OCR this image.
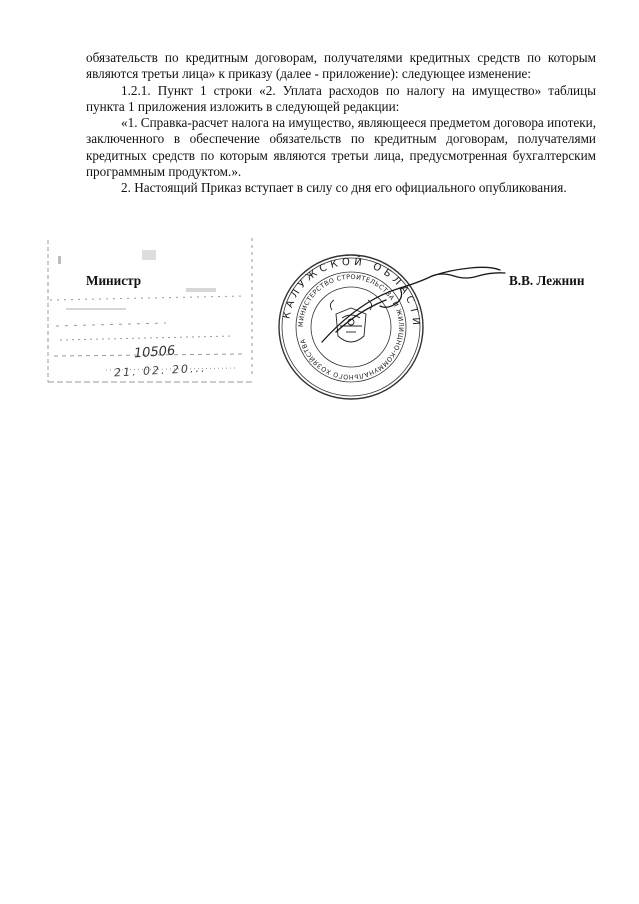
обязательств по кредитным договорам, получателями кредитных средств по которым являются третьи лица» к приказу (далее - приложение): следующее изменение:

1.2.1. Пункт 1 строки «2. Уплата расходов по налогу на имущество» таблицы пункта 1 приложения изложить в следующей редакции:

«1. Справка-расчет налога на имущество, являющееся предметом договора ипотеки, заключенного в обеспечение обязательств по кредитным договорам, получателями кредитных средств по которым являются третьи лица, предусмотренная бухгалтерским программным продуктом.».

2. Настоящий Приказ вступает в силу со дня его официального опубликования.

10506
21. 02. 20...
Министр
КАЛУЖСКОЙ ОБЛАСТИ
МИНИСТЕРСТВО СТРОИТЕЛЬСТВА И ЖИЛИЩНО-КОММУНАЛЬНОГО ХОЗЯЙСТВА
В.В. Лежнин
